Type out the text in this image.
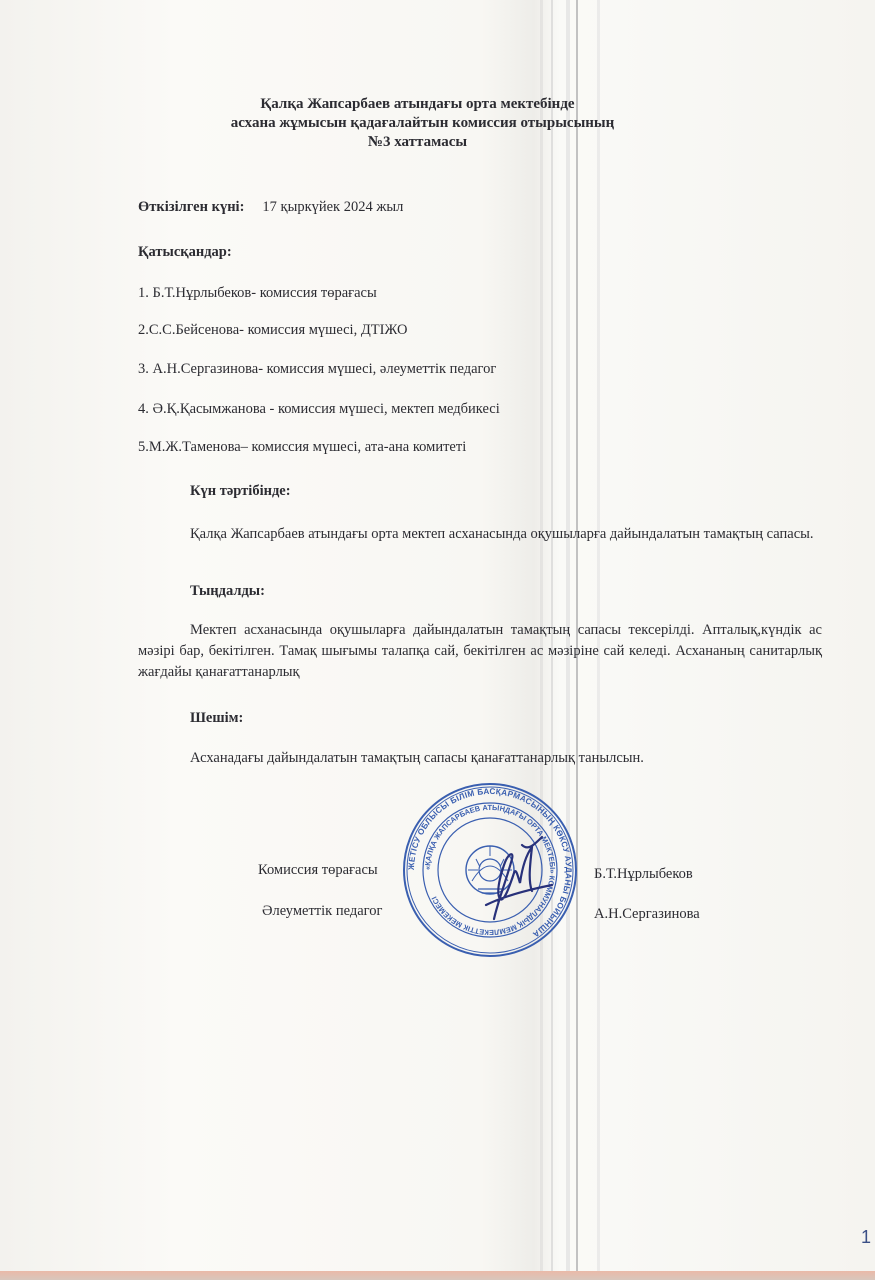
Қалқа Жапсарбаев атындағы орта мектебінде
асхана жұмысын қадағалайтын комиссия отырысының
№3 хаттамасы
Өткізілген күні: 17 қыркүйек 2024 жыл
Қатысқандар:
1. Б.Т.Нұрлыбеков- комиссия төрағасы
2.С.С.Бейсенова- комиссия мүшесі, ДТІЖО
3. А.Н.Сергазинова- комиссия мүшесі, әлеуметтік педагог
4. Ә.Қ.Қасымжанова - комиссия мүшесі, мектеп медбикесі
5.М.Ж.Таменова– комиссия мүшесі, ата-ана комитеті
Күн тәртібінде:
Қалқа Жапсарбаев атындағы орта мектеп асханасында оқушыларға дайындалатын тамақтың сапасы.
Тыңдалды:
Мектеп асханасында оқушыларға дайындалатын тамақтың сапасы тексерілді. Апталық,күндік ас мәзірі бар, бекітілген. Тамақ шығымы талапқа сай, бекітілген ас мәзіріне сай келеді. Асхананың санитарлық жағдайы қанағаттанарлық
Шешім:
Асханадағы дайындалатын тамақтың сапасы қанағаттанарлық танылсын.
Комиссия төрағасы	Б.Т.Нұрлыбеков
Әлеуметтік педагог	А.Н.Сергазинова
ЖЕТІСУ ОБЛЫСЫ БІЛІМ БАСҚАРМАСЫНЫҢ КӨКСУ АУДАНЫ БОЙЫНША
«ҚАЛҚА ЖАПСАРБАЕВ АТЫНДАҒЫ ОРТА МЕКТЕБІ» КОММУНАЛДЫҚ МЕМЛЕКЕТТІК МЕКЕМЕСІ
1
